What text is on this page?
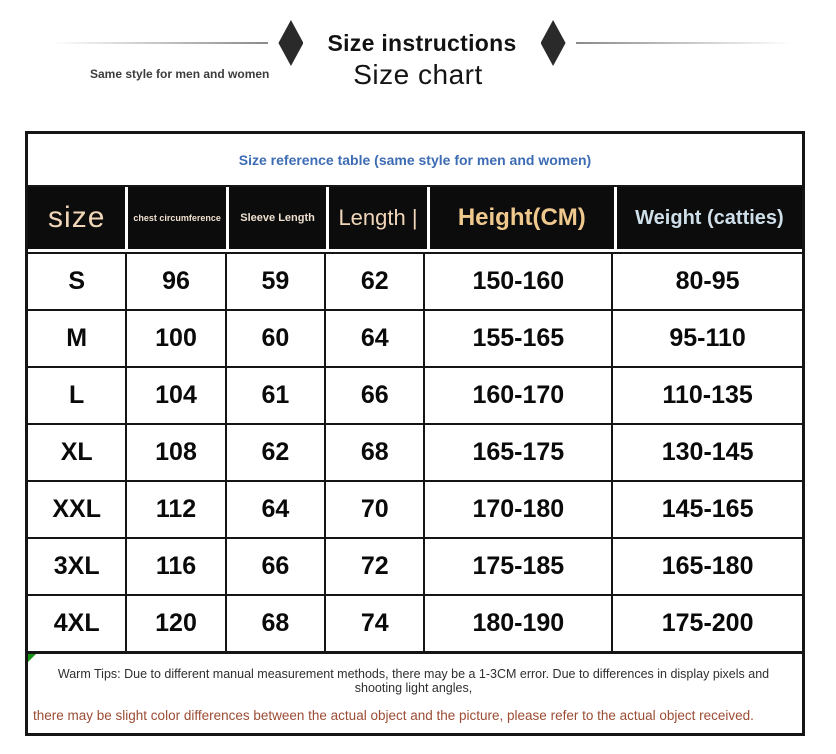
Size instructions
Same style for men and women	Size chart
Size reference table (same style for men and women)
size	chest circumference	Sleeve Length	Length |	Height(CM)	Weight (catties)
S	96	59	62	150-160	80-95
M	100	60	64	155-165	95-110
L	104	61	66	160-170	110-135
XL	108	62	68	165-175	130-145
XXL	112	64	70	170-180	145-165
3XL	116	66	72	175-185	165-180
4XL	120	68	74	180-190	175-200
Warm Tips: Due to different manual measurement methods, there may be a 1-3CM error. Due to differences in display pixels and shooting light angles,
there may be slight color differences between the actual object and the picture, please refer to the actual object received.
